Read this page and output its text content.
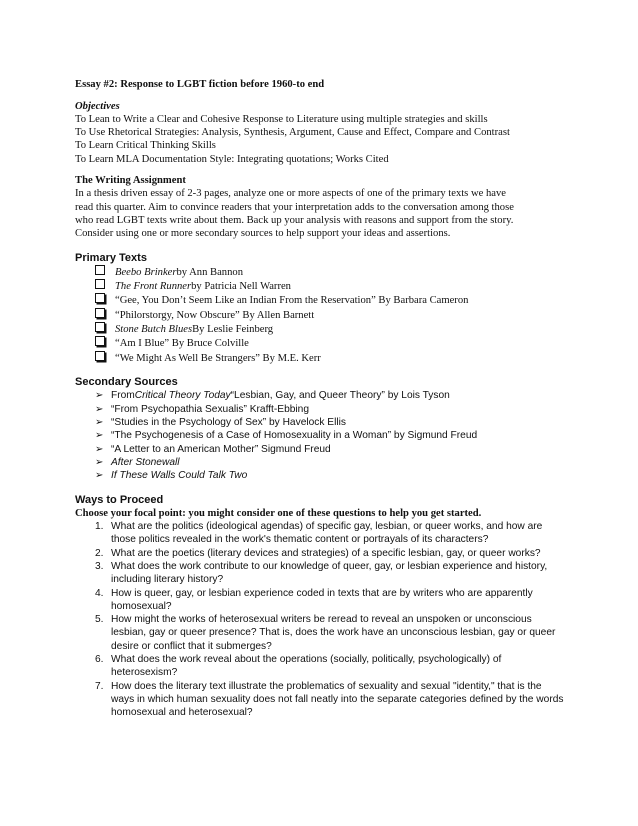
Essay #2: Response to LGBT fiction before 1960-to end
Objectives
To Lean to Write a Clear and Cohesive Response to Literature using multiple strategies and skills
To Use Rhetorical Strategies: Analysis, Synthesis, Argument, Cause and Effect, Compare and Contrast
To Learn Critical Thinking Skills
To Learn MLA Documentation Style: Integrating quotations; Works Cited
The Writing Assignment
In a thesis driven essay of 2-3 pages, analyze one or more aspects of one of the primary texts we have
read this quarter. Aim to convince readers that your interpretation adds to the conversation among those
who read LGBT texts write about them. Back up your analysis with reasons and support from the story.
Consider using one or more secondary sources to help support your ideas and assertions.
Primary Texts
Beebo Brinker by Ann Bannon
The Front Runner by Patricia Nell Warren
“Gee, You Don’t Seem Like an Indian From the Reservation” By Barbara Cameron
“Philorstorgy, Now Obscure” By Allen Barnett
Stone Butch Blues By Leslie Feinberg
“Am I Blue” By Bruce Colville
“We Might As Well Be Strangers” By M.E. Kerr
Secondary Sources
➢ From Critical Theory Today “Lesbian, Gay, and Queer Theory” by Lois Tyson
➢ “From Psychopathia Sexualis” Krafft-Ebbing
➢ “Studies in the Psychology of Sex” by Havelock Ellis
➢ “The Psychogenesis of a Case of Homosexuality in a Woman” by Sigmund Freud
➢ “A Letter to an American Mother” Sigmund Freud
➢ After Stonewall
➢ If These Walls Could Talk Two
Ways to Proceed
Choose your focal point: you might consider one of these questions to help you get started.
1. What are the politics (ideological agendas) of specific gay, lesbian, or queer works, and how are those politics revealed in the work's thematic content or portrayals of its characters?
2. What are the poetics (literary devices and strategies) of a specific lesbian, gay, or queer works?
3. What does the work contribute to our knowledge of queer, gay, or lesbian experience and history, including literary history?
4. How is queer, gay, or lesbian experience coded in texts that are by writers who are apparently homosexual?
5. How might the works of heterosexual writers be reread to reveal an unspoken or unconscious lesbian, gay or queer presence? That is, does the work have an unconscious lesbian, gay or queer desire or conflict that it submerges?
6. What does the work reveal about the operations (socially, politically, psychologically) of heterosexism?
7. How does the literary text illustrate the problematics of sexuality and sexual "identity," that is the ways in which human sexuality does not fall neatly into the separate categories defined by the words homosexual and heterosexual?
